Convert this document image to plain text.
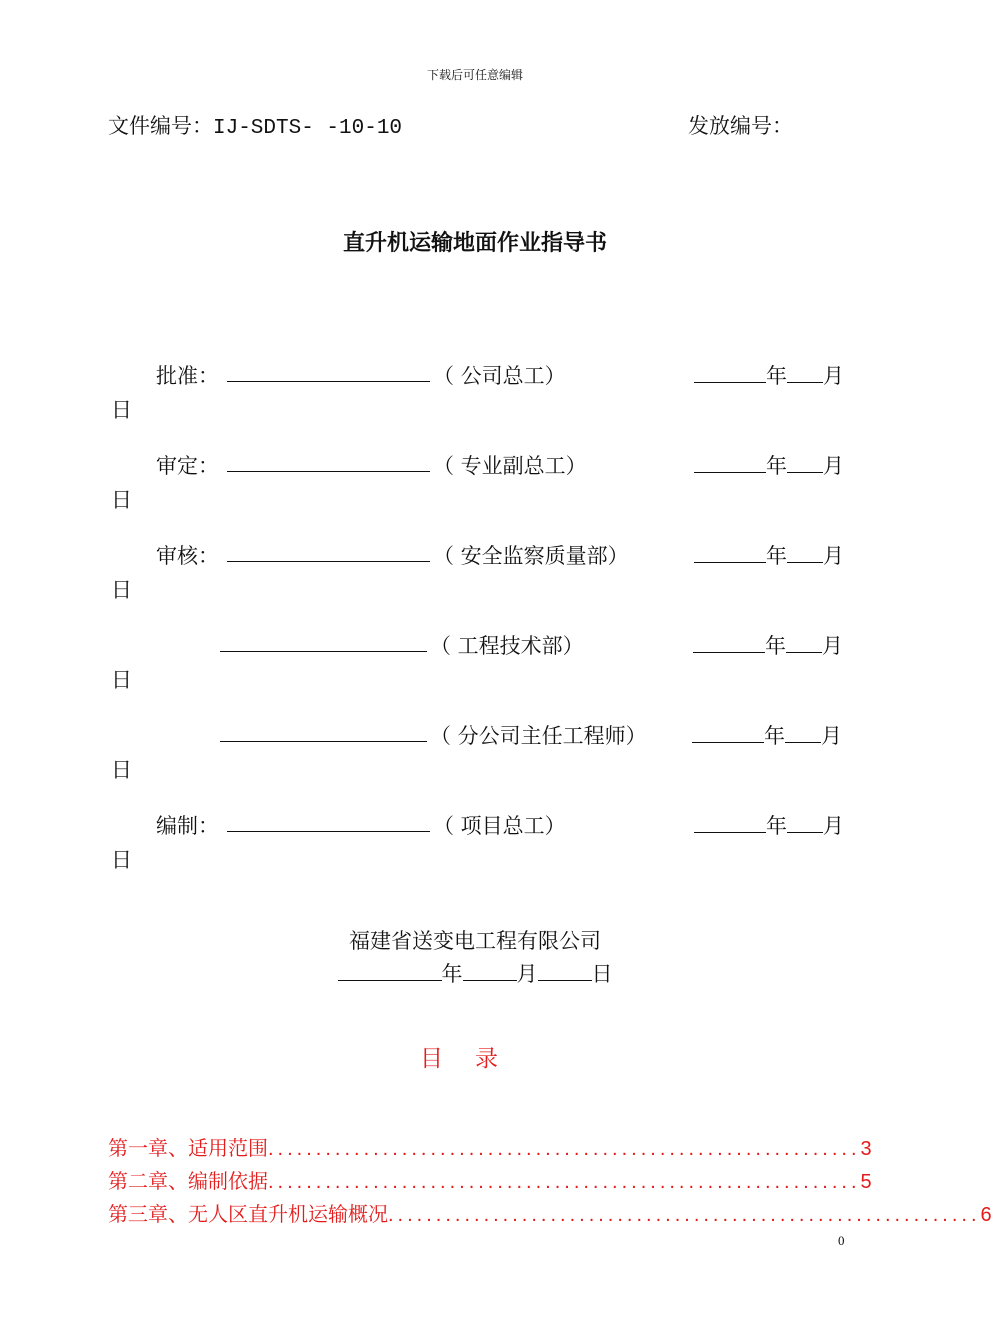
下载后可任意编辑
文件编号：IJ-SDTS- -10-10	发放编号：
直升机运输地面作业指导书
批准：	（ 公司总工）	年 月
日
审定：	（ 专业副总工）	年 月
日
审核：	（ 安全监察质量部）	年 月
日
（ 工程技术部）	年 月
日
（ 分公司主任工程师）	年 月
日
编制：	（ 项目总工）	年 月
日
福建省送变电工程有限公司
年	月	日
目录
第一章、 适用范围 .............................................................. 3
第二章、 编制依据 .............................................................. 5
第三章、 无人区直升机运输概况 .............................................................. 6
0
